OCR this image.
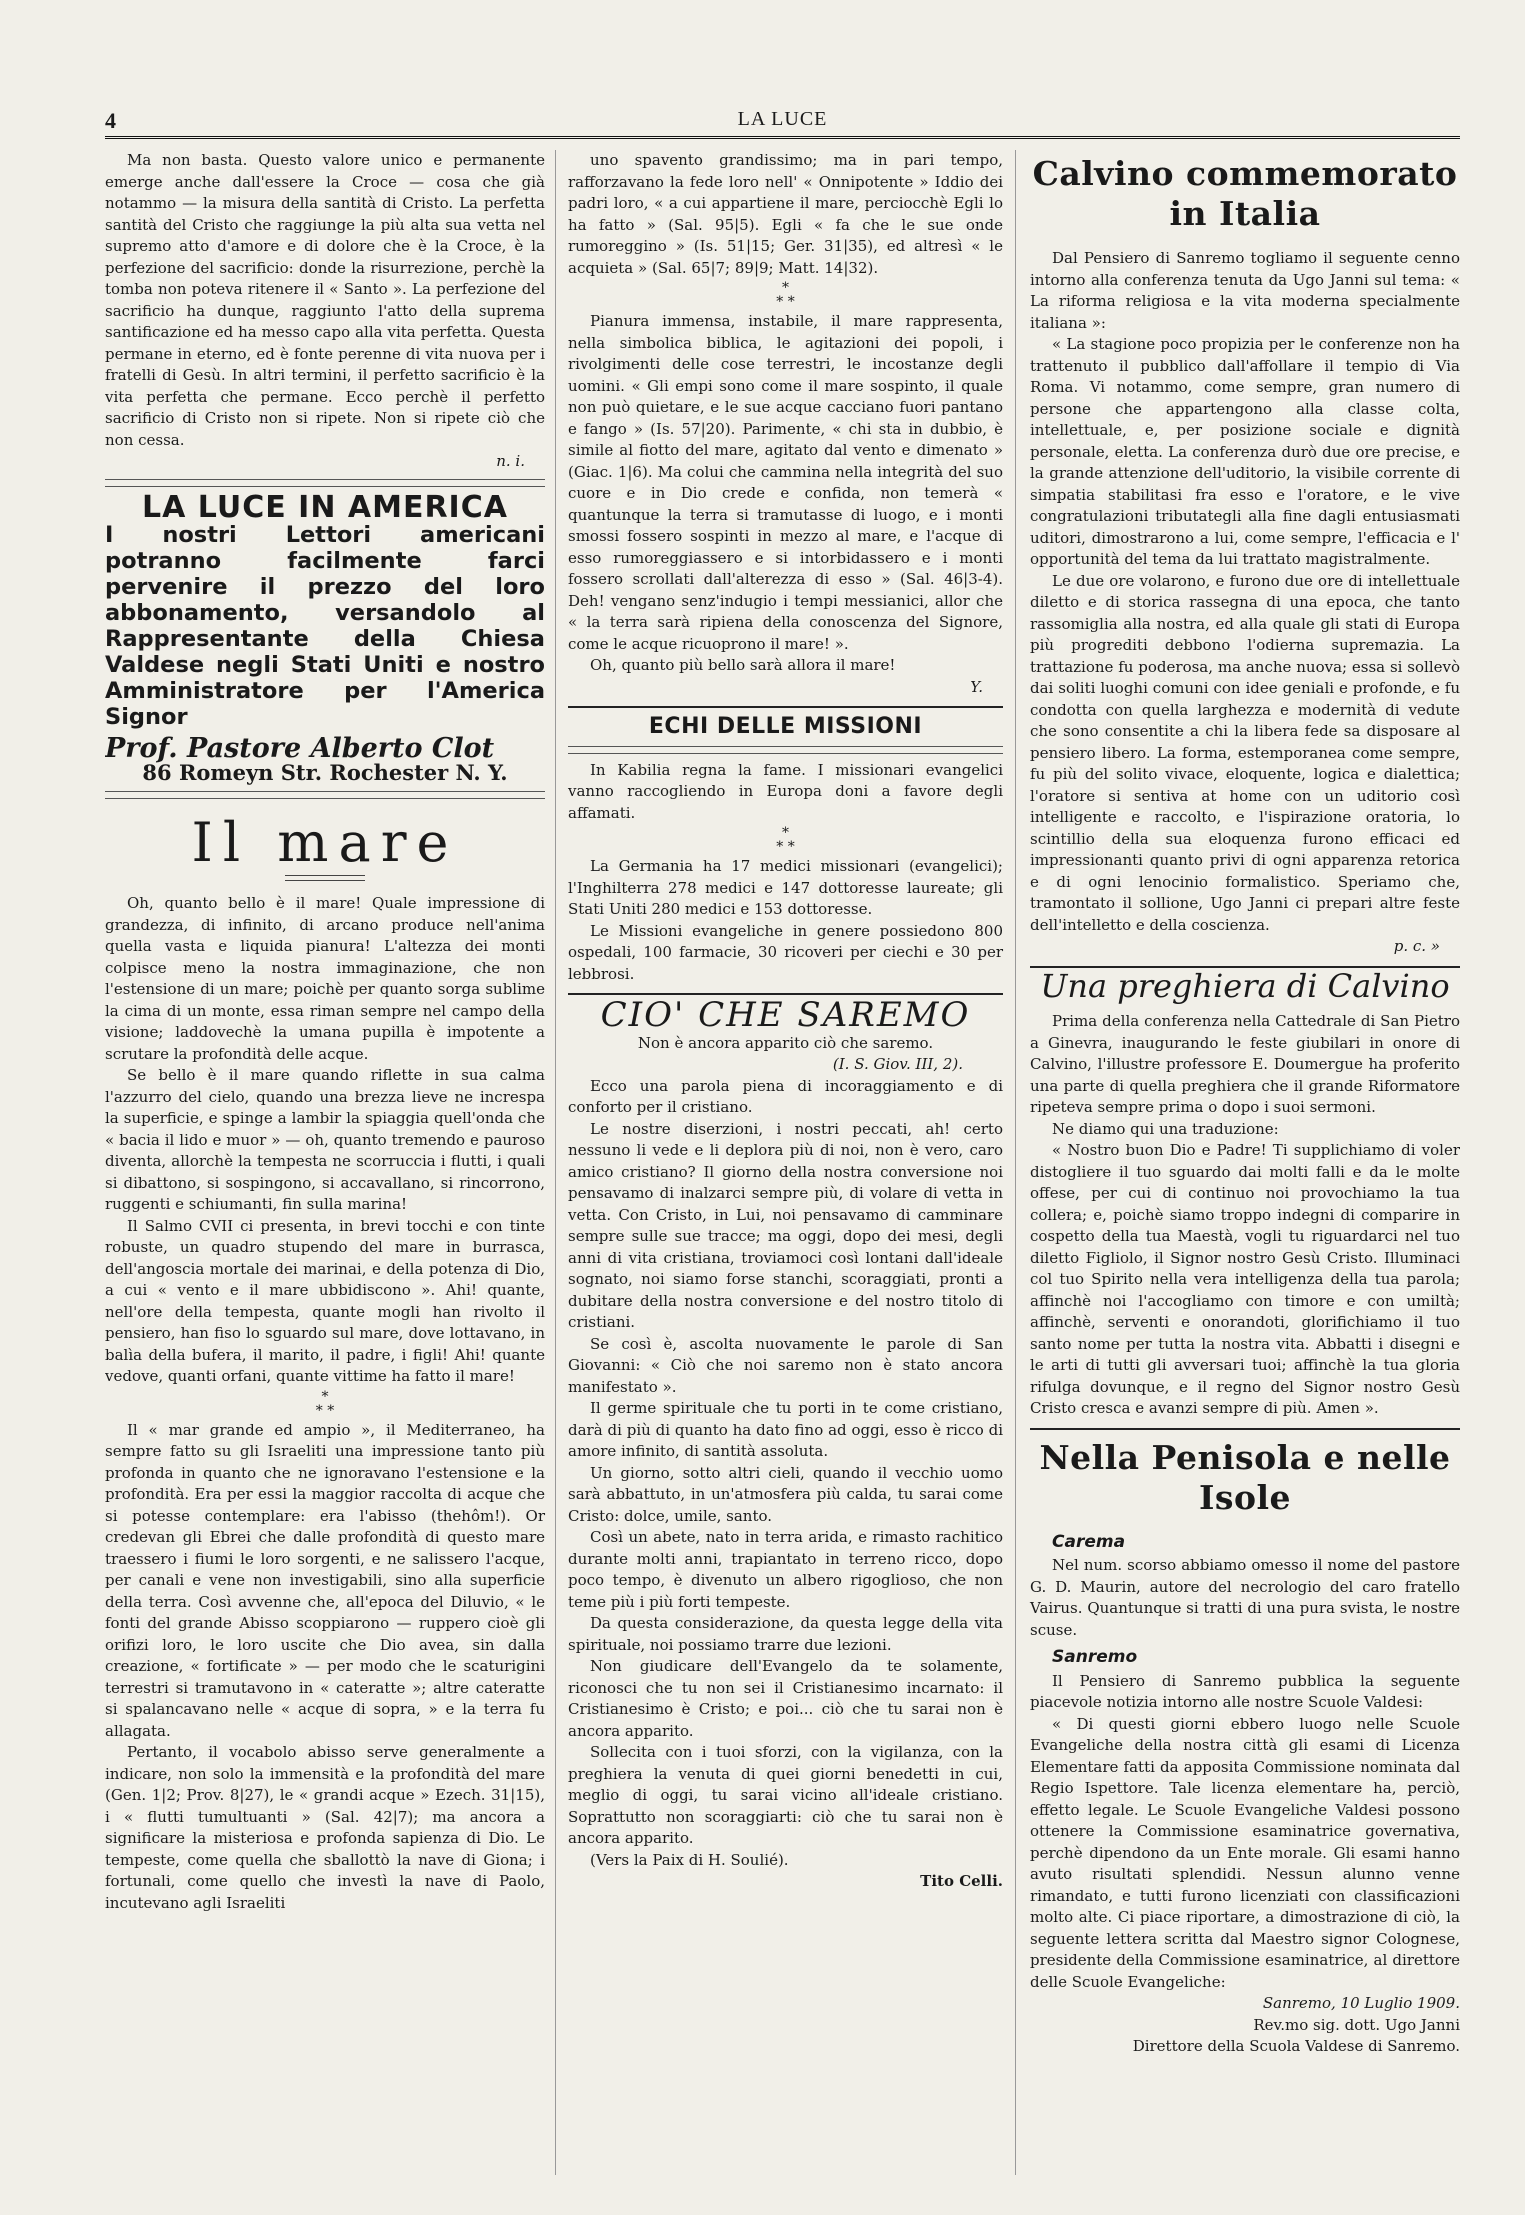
4	LA LUCE

Ma non basta. Questo valore unico e permanente emerge anche dall'essere la Croce — cosa che già notammo — la misura della santità di Cristo. La perfetta santità del Cristo che raggiunge la più alta sua vetta nel supremo atto d'amore e di dolore che è la Croce, è la perfezione del sacrificio: donde la risurrezione, perchè la tomba non poteva ritenere il « Santo ». La perfezione del sacrificio ha dunque, raggiunto l'atto della suprema santificazione ed ha messo capo alla vita perfetta. Questa permane in eterno, ed è fonte perenne di vita nuova per i fratelli di Gesù. In altri termini, il perfetto sacrificio è la vita perfetta che permane. Ecco perchè il perfetto sacrificio di Cristo non si ripete. Non si ripete ciò che non cessa.

n. i.

LA LUCE IN AMERICA

I nostri Lettori americani potranno facilmente farci pervenire il prezzo del loro abbonamento, versandolo al Rappresentante della Chiesa Valdese negli Stati Uniti e nostro Amministratore per l'America Signor

Prof. Pastore Alberto Clot

86 Romeyn Str. Rochester N. Y.

Il mare

Oh, quanto bello è il mare! Quale impressione di grandezza, di infinito, di arcano produce nell'anima quella vasta e liquida pianura! L'altezza dei monti colpisce meno la nostra immaginazione, che non l'estensione di un mare; poichè per quanto sorga sublime la cima di un monte, essa riman sempre nel campo della visione; laddovechè la umana pupilla è impotente a scrutare la profondità delle acque.

Se bello è il mare quando riflette in sua calma l'azzurro del cielo, quando una brezza lieve ne increspa la superficie, e spinge a lambir la spiaggia quell'onda che « bacia il lido e muor » — oh, quanto tremendo e pauroso diventa, allorchè la tempesta ne scorruccia i flutti, i quali si dibattono, si sospingono, si accavallano, si rincorrono, ruggenti e schiumanti, fin sulla marina!

Il Salmo CVII ci presenta, in brevi tocchi e con tinte robuste, un quadro stupendo del mare in burrasca, dell'angoscia mortale dei marinai, e della potenza di Dio, a cui « vento e il mare ubbidiscono ». Ahi! quante, nell'ore della tempesta, quante mogli han rivolto il pensiero, han fiso lo sguardo sul mare, dove lottavano, in balìa della bufera, il marito, il padre, i figli! Ahi! quante vedove, quanti orfani, quante vittime ha fatto il mare!

*
* *

Il « mar grande ed ampio », il Mediterraneo, ha sempre fatto su gli Israeliti una impressione tanto più profonda in quanto che ne ignoravano l'estensione e la profondità. Era per essi la maggior raccolta di acque che si potesse contemplare: era l'abisso (thehôm!). Or credevan gli Ebrei che dalle profondità di questo mare traessero i fiumi le loro sorgenti, e ne salissero l'acque, per canali e vene non investigabili, sino alla superficie della terra. Così avvenne che, all'epoca del Diluvio, « le fonti del grande Abisso scoppiarono — ruppero cioè gli orifizi loro, le loro uscite che Dio avea, sin dalla creazione, « fortificate » — per modo che le scaturigini terrestri si tramutavono in « cateratte »; altre cateratte si spalancavano nelle « acque di sopra, » e la terra fu allagata.

Pertanto, il vocabolo abisso serve generalmente a indicare, non solo la immensità e la profondità del mare (Gen. 1|2; Prov. 8|27), le « grandi acque » Ezech. 31|15), i « flutti tumultuanti » (Sal. 42|7); ma ancora a significare la misteriosa e profonda sapienza di Dio. Le tempeste, come quella che sballottò la nave di Giona; i fortunali, come quello che investì la nave di Paolo, incutevano agli Israeliti

uno spavento grandissimo; ma in pari tempo, rafforzavano la fede loro nell' « Onnipotente » Iddio dei padri loro, « a cui appartiene il mare, perciocchè Egli lo ha fatto » (Sal. 95|5). Egli « fa che le sue onde rumoreggino » (Is. 51|15; Ger. 31|35), ed altresì « le acquieta » (Sal. 65|7; 89|9; Matt. 14|32).

*
* *

Pianura immensa, instabile, il mare rappresenta, nella simbolica biblica, le agitazioni dei popoli, i rivolgimenti delle cose terrestri, le incostanze degli uomini. « Gli empi sono come il mare sospinto, il quale non può quietare, e le sue acque cacciano fuori pantano e fango » (Is. 57|20). Parimente, « chi sta in dubbio, è simile al fiotto del mare, agitato dal vento e dimenato » (Giac. 1|6). Ma colui che cammina nella integrità del suo cuore e in Dio crede e confida, non temerà « quantunque la terra si tramutasse di luogo, e i monti smossi fossero sospinti in mezzo al mare, e l'acque di esso rumoreggiassero e si intorbidassero e i monti fossero scrollati dall'alterezza di esso » (Sal. 46|3-4). Deh! vengano senz'indugio i tempi messianici, allor che « la terra sarà ripiena della conoscenza del Signore, come le acque ricuoprono il mare! ».

Oh, quanto più bello sarà allora il mare!

Y.

ECHI DELLE MISSIONI

In Kabilia regna la fame. I missionari evangelici vanno raccogliendo in Europa doni a favore degli affamati.

*
* *

La Germania ha 17 medici missionari (evangelici); l'Inghilterra 278 medici e 147 dottoresse laureate; gli Stati Uniti 280 medici e 153 dottoresse.

Le Missioni evangeliche in genere possiedono 800 ospedali, 100 farmacie, 30 ricoveri per ciechi e 30 per lebbrosi.

CIO' CHE SAREMO

Non è ancora apparito ciò che saremo.

(I. S. Giov. III, 2).

Ecco una parola piena di incoraggiamento e di conforto per il cristiano.

Le nostre diserzioni, i nostri peccati, ah! certo nessuno li vede e li deplora più di noi, non è vero, caro amico cristiano? Il giorno della nostra conversione noi pensavamo di inalzarci sempre più, di volare di vetta in vetta. Con Cristo, in Lui, noi pensavamo di camminare sempre sulle sue tracce; ma oggi, dopo dei mesi, degli anni di vita cristiana, troviamoci così lontani dall'ideale sognato, noi siamo forse stanchi, scoraggiati, pronti a dubitare della nostra conversione e del nostro titolo di cristiani.

Se così è, ascolta nuovamente le parole di San Giovanni: « Ciò che noi saremo non è stato ancora manifestato ».

Il germe spirituale che tu porti in te come cristiano, darà di più di quanto ha dato fino ad oggi, esso è ricco di amore infinito, di santità assoluta.

Un giorno, sotto altri cieli, quando il vecchio uomo sarà abbattuto, in un'atmosfera più calda, tu sarai come Cristo: dolce, umile, santo.

Così un abete, nato in terra arida, e rimasto rachitico durante molti anni, trapiantato in terreno ricco, dopo poco tempo, è divenuto un albero rigoglioso, che non teme più i più forti tempeste.

Da questa considerazione, da questa legge della vita spirituale, noi possiamo trarre due lezioni.

Non giudicare dell'Evangelo da te solamente, riconosci che tu non sei il Cristianesimo incarnato: il Cristianesimo è Cristo; e poi... ciò che tu sarai non è ancora apparito.

Sollecita con i tuoi sforzi, con la vigilanza, con la preghiera la venuta di quei giorni benedetti in cui, meglio di oggi, tu sarai vicino all'ideale cristiano. Soprattutto non scoraggiarti: ciò che tu sarai non è ancora apparito.

(Vers la Paix di H. Soulié).

Tito Celli.

Calvino commemorato in Italia

Dal Pensiero di Sanremo togliamo il seguente cenno intorno alla conferenza tenuta da Ugo Janni sul tema: « La riforma religiosa e la vita moderna specialmente italiana »:

« La stagione poco propizia per le conferenze non ha trattenuto il pubblico dall'affollare il tempio di Via Roma. Vi notammo, come sempre, gran numero di persone che appartengono alla classe colta, intellettuale, e, per posizione sociale e dignità personale, eletta. La conferenza durò due ore precise, e la grande attenzione dell'uditorio, la visibile corrente di simpatia stabilitasi fra esso e l'oratore, e le vive congratulazioni tributategli alla fine dagli entusiasmati uditori, dimostrarono a lui, come sempre, l'efficacia e l' opportunità del tema da lui trattato magistralmente.

Le due ore volarono, e furono due ore di intellettuale diletto e di storica rassegna di una epoca, che tanto rassomiglia alla nostra, ed alla quale gli stati di Europa più progrediti debbono l'odierna supremazia. La trattazione fu poderosa, ma anche nuova; essa si sollevò dai soliti luoghi comuni con idee geniali e profonde, e fu condotta con quella larghezza e modernità di vedute che sono consentite a chi la libera fede sa disposare al pensiero libero. La forma, estemporanea come sempre, fu più del solito vivace, eloquente, logica e dialettica; l'oratore si sentiva at home con un uditorio così intelligente e raccolto, e l'ispirazione oratoria, lo scintillio della sua eloquenza furono efficaci ed impressionanti quanto privi di ogni apparenza retorica e di ogni lenocinio formalistico. Speriamo che, tramontato il sollione, Ugo Janni ci prepari altre feste dell'intelletto e della coscienza.

p. c. »

Una preghiera di Calvino

Prima della conferenza nella Cattedrale di San Pietro a Ginevra, inaugurando le feste giubilari in onore di Calvino, l'illustre professore E. Doumergue ha proferito una parte di quella preghiera che il grande Riformatore ripeteva sempre prima o dopo i suoi sermoni.

Ne diamo qui una traduzione:

« Nostro buon Dio e Padre! Ti supplichiamo di voler distogliere il tuo sguardo dai molti falli e da le molte offese, per cui di continuo noi provochiamo la tua collera; e, poichè siamo troppo indegni di comparire in cospetto della tua Maestà, vogli tu riguardarci nel tuo diletto Figliolo, il Signor nostro Gesù Cristo. Illuminaci col tuo Spirito nella vera intelligenza della tua parola; affinchè noi l'accogliamo con timore e con umiltà; affinchè, serventi e onorandoti, glorifichiamo il tuo santo nome per tutta la nostra vita. Abbatti i disegni e le arti di tutti gli avversari tuoi; affinchè la tua gloria rifulga dovunque, e il regno del Signor nostro Gesù Cristo cresca e avanzi sempre di più. Amen ».

Nella Penisola e nelle Isole
Carema

Nel num. scorso abbiamo omesso il nome del pastore G. D. Maurin, autore del necrologio del caro fratello Vairus. Quantunque si tratti di una pura svista, le nostre scuse.

Sanremo

Il Pensiero di Sanremo pubblica la seguente piacevole notizia intorno alle nostre Scuole Valdesi:

« Di questi giorni ebbero luogo nelle Scuole Evangeliche della nostra città gli esami di Licenza Elementare fatti da apposita Commissione nominata dal Regio Ispettore. Tale licenza elementare ha, perciò, effetto legale. Le Scuole Evangeliche Valdesi possono ottenere la Commissione esaminatrice governativa, perchè dipendono da un Ente morale. Gli esami hanno avuto risultati splendidi. Nessun alunno venne rimandato, e tutti furono licenziati con classificazioni molto alte. Ci piace riportare, a dimostrazione di ciò, la seguente lettera scritta dal Maestro signor Colognese, presidente della Commissione esaminatrice, al direttore delle Scuole Evangeliche:

Sanremo, 10 Luglio 1909.

Rev.mo sig. dott. Ugo Janni

Direttore della Scuola Valdese di Sanremo.
